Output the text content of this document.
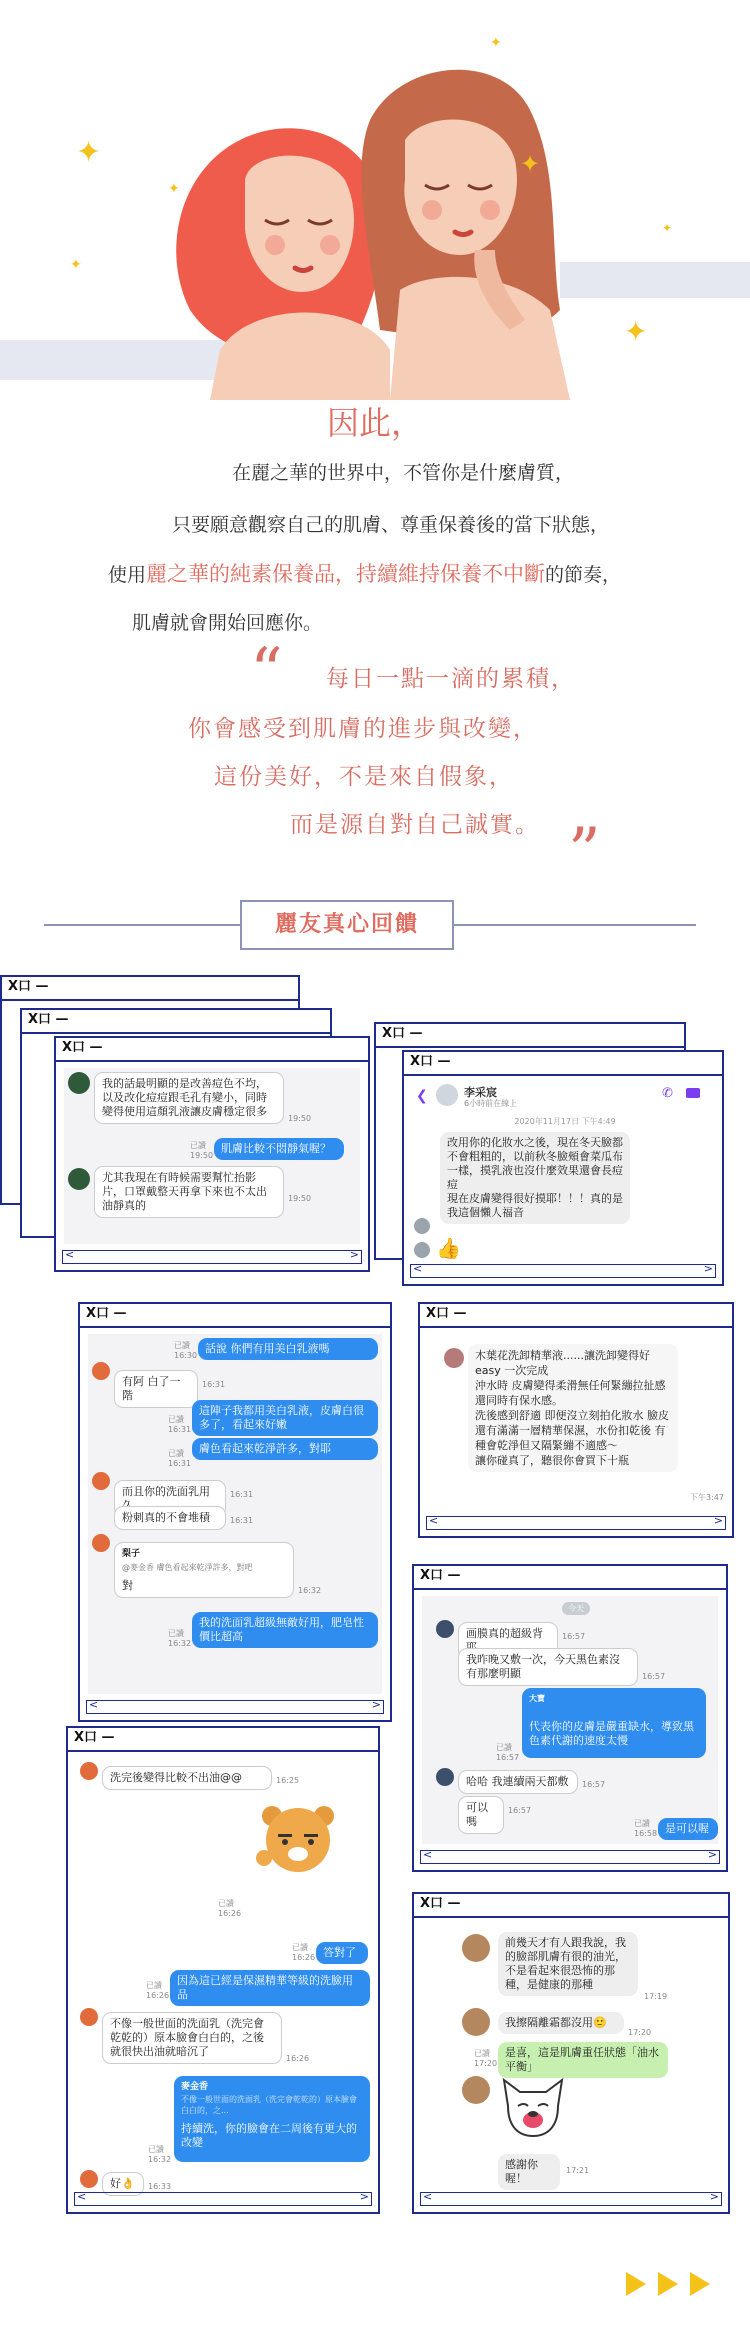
✦
✦
✦
✦
✦
✦
✦
因此，
在麗之華的世界中，不管你是什麼膚質，
只要願意觀察自己的肌膚、尊重保養後的當下狀態，
使用麗之華的純素保養品，持續維持保養不中斷的節奏，
肌膚就會開始回應你。
“ 每日一點一滴的累積，
你會感受到肌膚的進步與改變，
這份美好，不是來自假象，
而是源自對自己誠實。 ”
麗友真心回饋
X口 —
X口 —
X口 —
我的話最明顯的是改善痘色不均，以及改化痘痘跟毛孔有變小，同時變得使用這顏乳液讓皮膚穩定很多
19:50
已讀 19:50
肌膚比較不悶靜氣喔？
尤其我現在有時候需要幫忙抬影片，口罩戴整天再拿下來也不太出油靜真的
19:50
< >
X口 —
X口 —
❮	李采宸
6小時前在線上
✆
2020年11月17日 下午4:49
改用你的化妝水之後，現在冬天臉都不會粗粗的，以前秋冬臉頰會菜瓜布一樣，摸乳液也沒什麼效果還會長痘痘
現在皮膚變得很好摸耶！！！真的是我這個懶人福音
👍
< >
X口 —
已讀 16:30
話說 你們有用美白乳液嗎
有阿 白了一階
16:31
已讀 16:31
這陣子我都用美白乳液，皮膚白很多了，看起來好嫩
已讀 16:31
膚色看起來乾淨許多，對耶
而且你的洗面乳用	16:31
粉刺真的不會堆積	16:31
梨子
@麥金香 膚色看起來乾淨許多，對吧
對	16:32
已讀 16:32
我的洗面乳超級無敵好用，肥皂性價比超高
< >
X口 —
木葉花洗卸精華液......讓洗卸變得好easy 一次完成
沖水時 皮膚變得柔滑無任何緊繃拉扯感 還同時有保水感。
洗後感到舒適 即便沒立刻拍化妝水 臉皮還有滿滿一層精華保濕，水份扣乾後 有種會乾淨但又隔緊繃不適感～
讓你碰真了，聽很你會買下十瓶
下午3:47
< >
X口 —
今天
画膜真的超級背	16:57
我昨晚又敷一次，今天黑色素沒有那麼明顯	16:57
大寶
代表你的皮膚是嚴重缺水，導致黑色素代謝的速度太慢
已讀 16:57
哈哈 我連續兩天都敷	16:57
可以嗎
16:57
已讀 16:58 是可以喔
< >
X口 —
洗完後變得比較不出油@@	16:25
已讀 16:26
已讀 16:26 答對了
已讀 16:26
因為這已經是保濕精華等級的洗臉用品
不像一般世面的洗面乳（洗完會乾乾的）原本臉會白白的，之後就很快出油就暗沉了
16:26
麥金香
不像一般世面的洗面乳（洗完會乾乾的）原本臉會白白的，之...
持續洗，你的臉會在二周後有更大的改變
已讀 16:32
好👌	16:33
< >
X口 —
前幾天才有人跟我說，我的臉部肌膚有很的油光，不是看起來很恐怖的那種，是健康的那種
17:19
我擦隔離霜都沒用🙂
17:20
已讀 17:20
是喜，這是肌膚重任狀態「油水平衡」
感謝你喔！
17:21
< >
